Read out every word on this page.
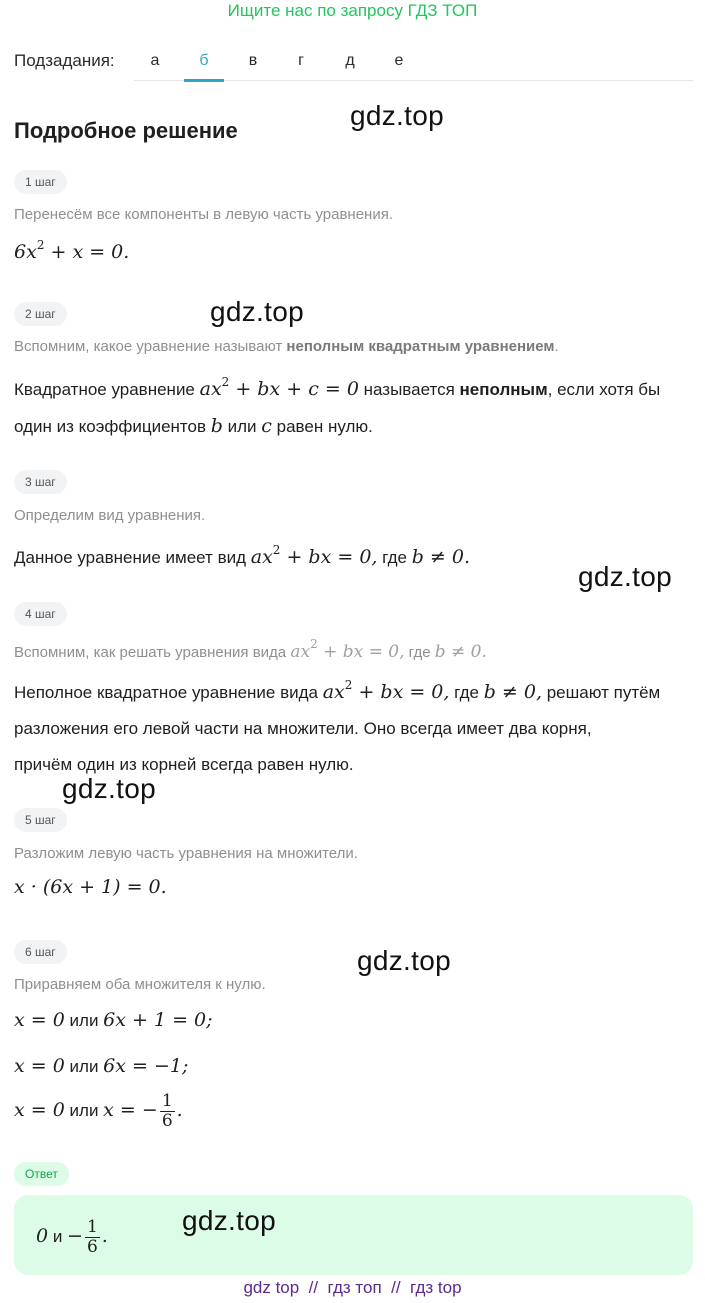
Ищите нас по запросу ГДЗ ТОП
Подзадания:	а	б	в	г	д	е
Подробное решение	gdz.top
gdz.top
gdz.top
gdz.top
gdz.top
gdz.top
1 шаг
Перенесём все компоненты в левую часть уравнения.
$6x^2 + x = 0$.
2 шаг
Вспомним, какое уравнение называют неполным квадратным уравнением.
Квадратное уравнение $ax^2$ + bx + c = 0 называется неполным, если хотя бы
один из коэффициентов b или c равен нулю.
3 шаг
Определим вид уравнения.
Данное уравнение имеет вид $ax^2$ + bx = 0, где b ≠ 0.
4 шаг
Вспомним, как решать уравнения вида $ax^2$ + bx = 0, где b ≠ 0.
Неполное квадратное уравнение вида $ax^2$ + bx = 0, где b ≠ 0, решают путём
разложения его левой части на множители. Оно всегда имеет два корня,
причём один из корней всегда равен нулю.
5 шаг
Разложим левую часть уравнения на множители.
x · (6x + 1) = 0.
6 шаг
Приравняем оба множителя к нулю.
x = 0 или 6x + 1 = 0;
x = 0 или 6x = −1;
x = 0 или x = − $\frac{1}{6}$ .
Ответ
0 $и - \frac{1}{6}$ .
gdz top  //  гдз топ  //  гдз top
